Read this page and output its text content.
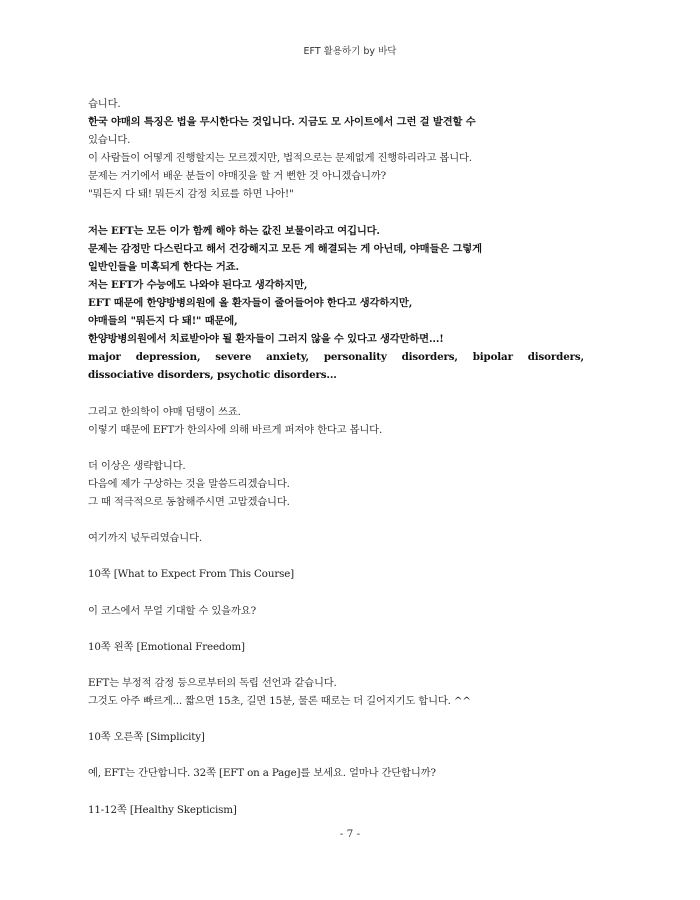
EFT 활용하기 by 바닥
습니다.
한국 야매의 특징은 법을 무시한다는 것입니다. 지금도 모 사이트에서 그런 걸 발견할 수
있습니다.
이 사람들이 어떻게 진행할지는 모르겠지만, 법적으로는 문제없게 진행하리라고 봅니다.
문제는 거기에서 배운 분들이 야매짓을 할 거 뻔한 것 아니겠습니까?
"뭐든지 다 돼! 뭐든지 감정 치료를 하면 나아!"
저는 EFT는 모든 이가 함께 해야 하는 값진 보물이라고 여깁니다.
문제는 감정만 다스린다고 해서 건강해지고 모든 게 해결되는 게 아닌데, 야매들은 그렇게
일반인들을 미혹되게 한다는 거죠.
저는 EFT가 수능에도 나와야 된다고 생각하지만,
EFT 때문에 한양방병의원에 올 환자들이 줄어들어야 한다고 생각하지만,
야매들의 "뭐든지 다 돼!" 때문에,
한양방병의원에서 치료받아야 될 환자들이 그러지 않을 수 있다고 생각만하면...!
major depression, severe anxiety, personality disorders, bipolar disorders,
dissociative disorders, psychotic disorders...
그리고 한의학이 야매 덤탱이 쓰죠.
이렇기 때문에 EFT가 한의사에 의해 바르게 퍼져야 한다고 봅니다.
더 이상은 생략합니다.
다음에 제가 구상하는 것을 말씀드리겠습니다.
그 때 적극적으로 동참해주시면 고맙겠습니다.
여기까지 넋두리였습니다.
10쪽 [What to Expect From This Course]
이 코스에서 무얼 기대할 수 있을까요?
10쪽 왼쪽 [Emotional Freedom]
EFT는 부정적 감정 등으로부터의 독립 선언과 같습니다.
그것도 아주 빠르게... 짧으면 15초, 길면 15분, 물론 때로는 더 길어지기도 합니다. ^^
10쪽 오른쪽 [Simplicity]
예, EFT는 간단합니다. 32쪽 [EFT on a Page]를 보세요. 얼마나 간단합니까?
11-12쪽 [Healthy Skepticism]
- 7 -
